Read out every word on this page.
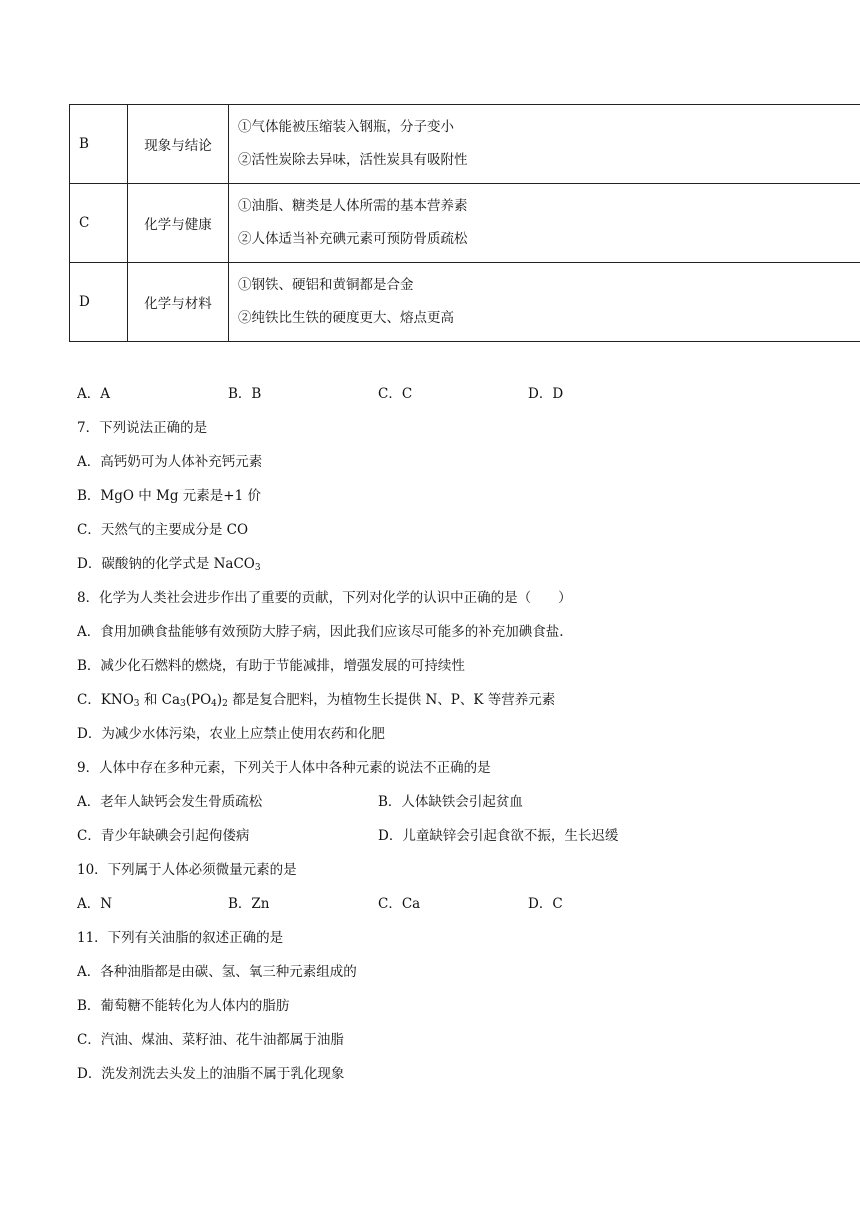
B	现象与结论	①气体能被压缩装入钢瓶，分子变小
②活性炭除去异味，活性炭具有吸附性

C	化学与健康	①油脂、糖类是人体所需的基本营养素
②人体适当补充碘元素可预防骨质疏松

D	化学与材料	①钢铁、硬铝和黄铜都是合金
②纯铁比生铁的硬度更大、熔点更高
A．A	B．B	C．C	D．D
7．下列说法正确的是
A．高钙奶可为人体补充钙元素
B．MgO 中 Mg 元素是+1 价
C．天然气的主要成分是 CO
D．碳酸钠的化学式是 NaCO$_3$
8．化学为人类社会进步作出了重要的贡献，下列对化学的认识中正确的是（　　）
A．食用加碘食盐能够有效预防大脖子病，因此我们应该尽可能多的补充加碘食盐.
B．减少化石燃料的燃烧，有助于节能减排，增强发展的可持续性
C．$KNO_3$ 和 $Ca_3(PO_4)_2$ 都是复合肥料，为植物生长提供 N、P、K 等营养元素
D．为减少水体污染，农业上应禁止使用农药和化肥
9．人体中存在多种元素，下列关于人体中各种元素的说法不正确的是
A．老年人缺钙会发生骨质疏松	B．人体缺铁会引起贫血
C．青少年缺碘会引起佝偻病	D．儿童缺锌会引起食欲不振，生长迟缓
10．下列属于人体必须微量元素的是
A．N	B．Zn	C．Ca	D．C
11．下列有关油脂的叙述正确的是
A．各种油脂都是由碳、氢、氧三种元素组成的
B．葡萄糖不能转化为人体内的脂肪
C．汽油、煤油、菜籽油、花牛油都属于油脂
D．洗发剂洗去头发上的油脂不属于乳化现象
